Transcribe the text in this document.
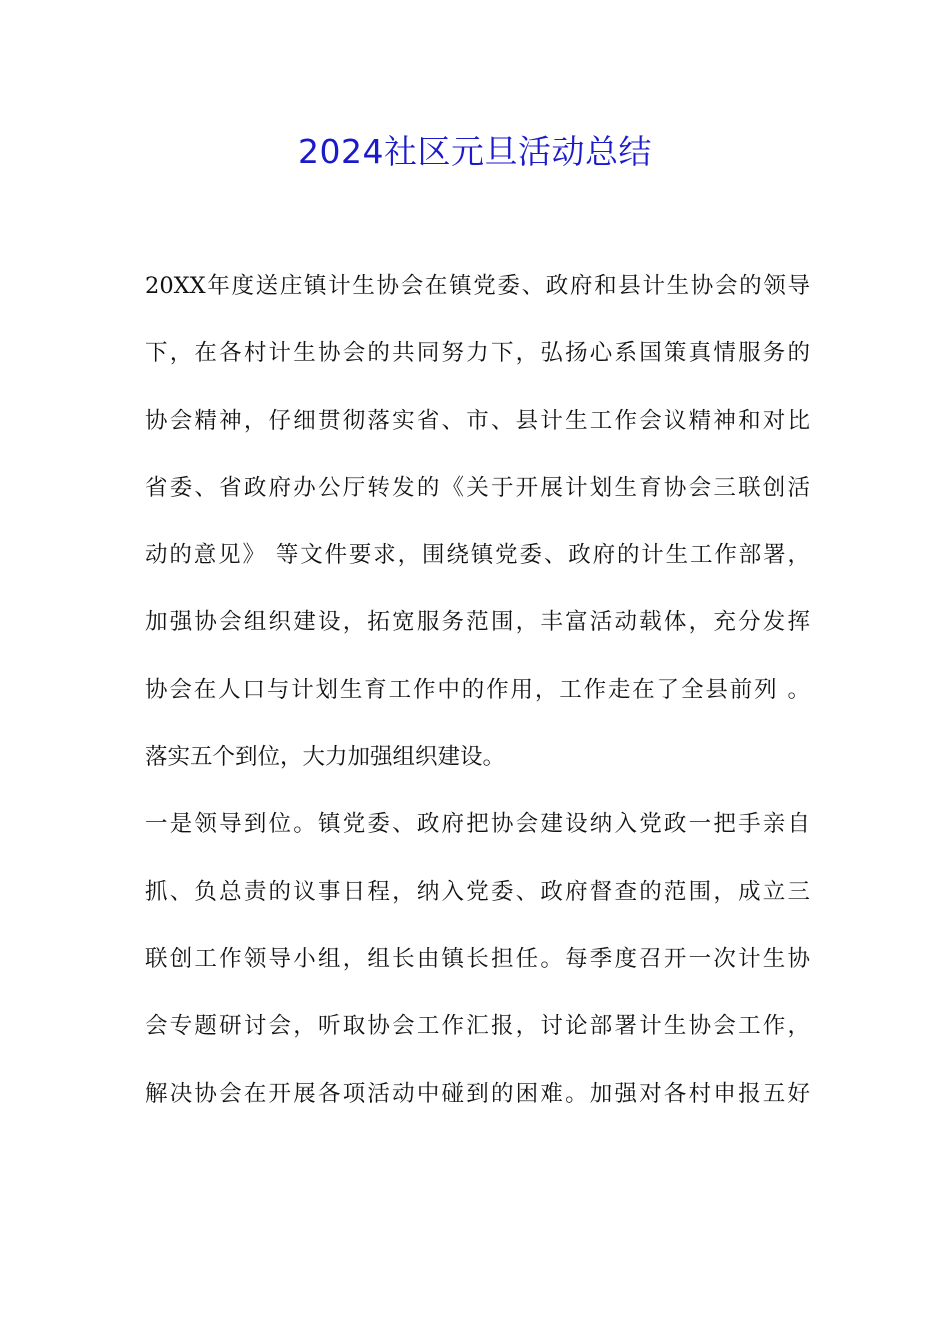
2024社区元旦活动总结
20XX年度送庄镇计生协会在镇党委、政府和县计生协会的领导
下，在各村计生协会的共同努力下，弘扬心系国策真情服务的
协会精神，仔细贯彻落实省、市、县计生工作会议精神和对比
省委、省政府办公厅转发的《关于开展计划生育协会三联创活
动的意见》 等文件要求，围绕镇党委、政府的计生工作部署，
加强协会组织建设，拓宽服务范围，丰富活动载体，充分发挥
协会在人口与计划生育工作中的作用，工作走在了全县前列 。
落实五个到位，大力加强组织建设。
一是领导到位。镇党委、政府把协会建设纳入党政一把手亲自
抓、负总责的议事日程，纳入党委、政府督查的范围，成立三
联创工作领导小组，组长由镇长担任。每季度召开一次计生协
会专题研讨会，听取协会工作汇报，讨论部署计生协会工作，
解决协会在开展各项活动中碰到的困难。加强对各村申报五好
